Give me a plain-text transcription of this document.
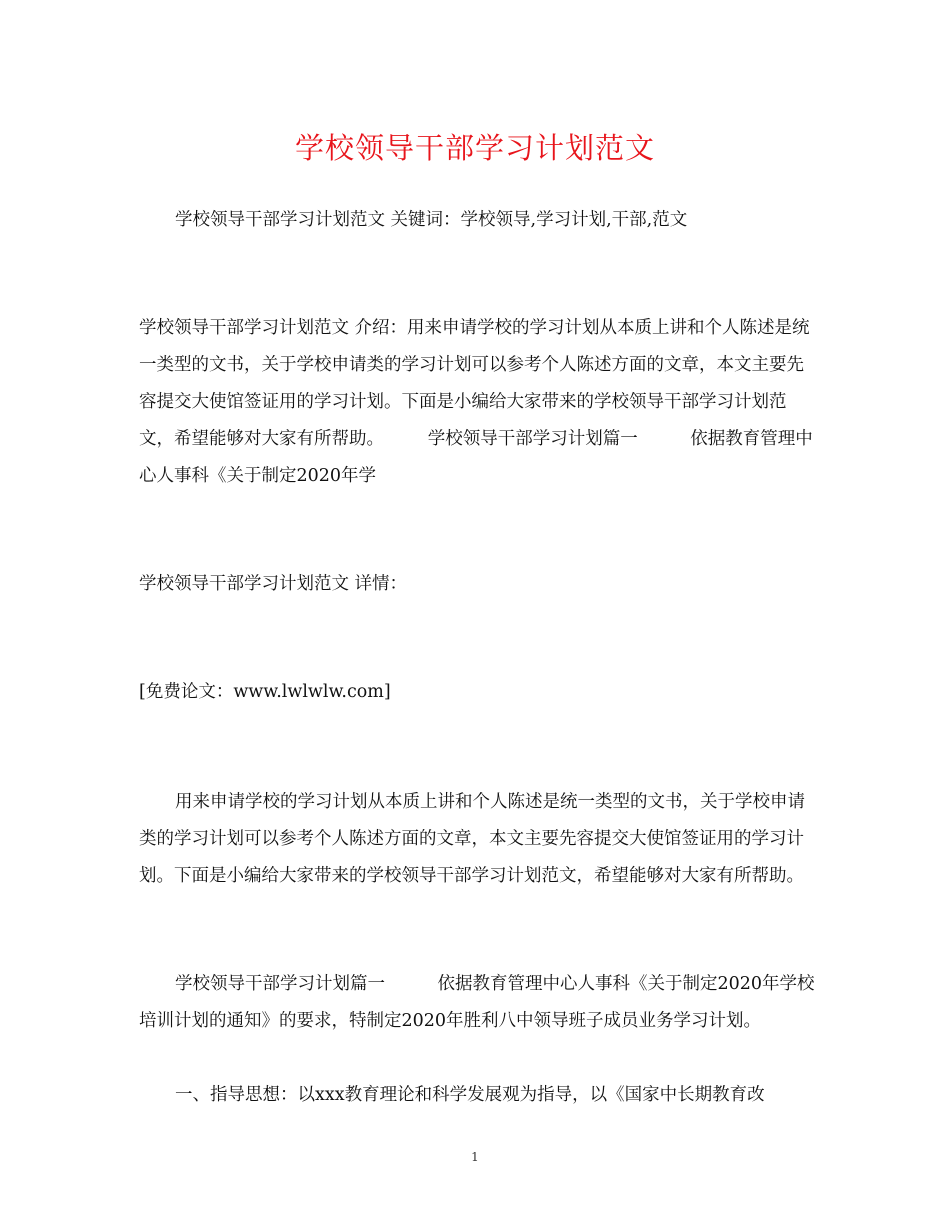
学校领导干部学习计划范文

学校领导干部学习计划范文 关键词：学校领导,学习计划,干部,范文

学校领导干部学习计划范文 介绍：用来申请学校的学习计划从本质上讲和个人陈述是统一类型的文书，关于学校申请类的学习计划可以参考个人陈述方面的文章，本文主要先容提交大使馆签证用的学习计划。下面是小编给大家带来的学校领导干部学习计划范文，希望能够对大家有所帮助。　　　学校领导干部学习计划篇一　　　依据教育管理中心人事科《关于制定2020年学

学校领导干部学习计划范文 详情：

[免费论文：www.lwlwlw.com]

用来申请学校的学习计划从本质上讲和个人陈述是统一类型的文书，关于学校申请类的学习计划可以参考个人陈述方面的文章，本文主要先容提交大使馆签证用的学习计划。下面是小编给大家带来的学校领导干部学习计划范文，希望能够对大家有所帮助。

学校领导干部学习计划篇一　　　依据教育管理中心人事科《关于制定2020年学校培训计划的通知》的要求，特制定2020年胜利八中领导班子成员业务学习计划。

一、指导思想：以xxx教育理论和科学发展观为指导，以《国家中长期教育改

1
